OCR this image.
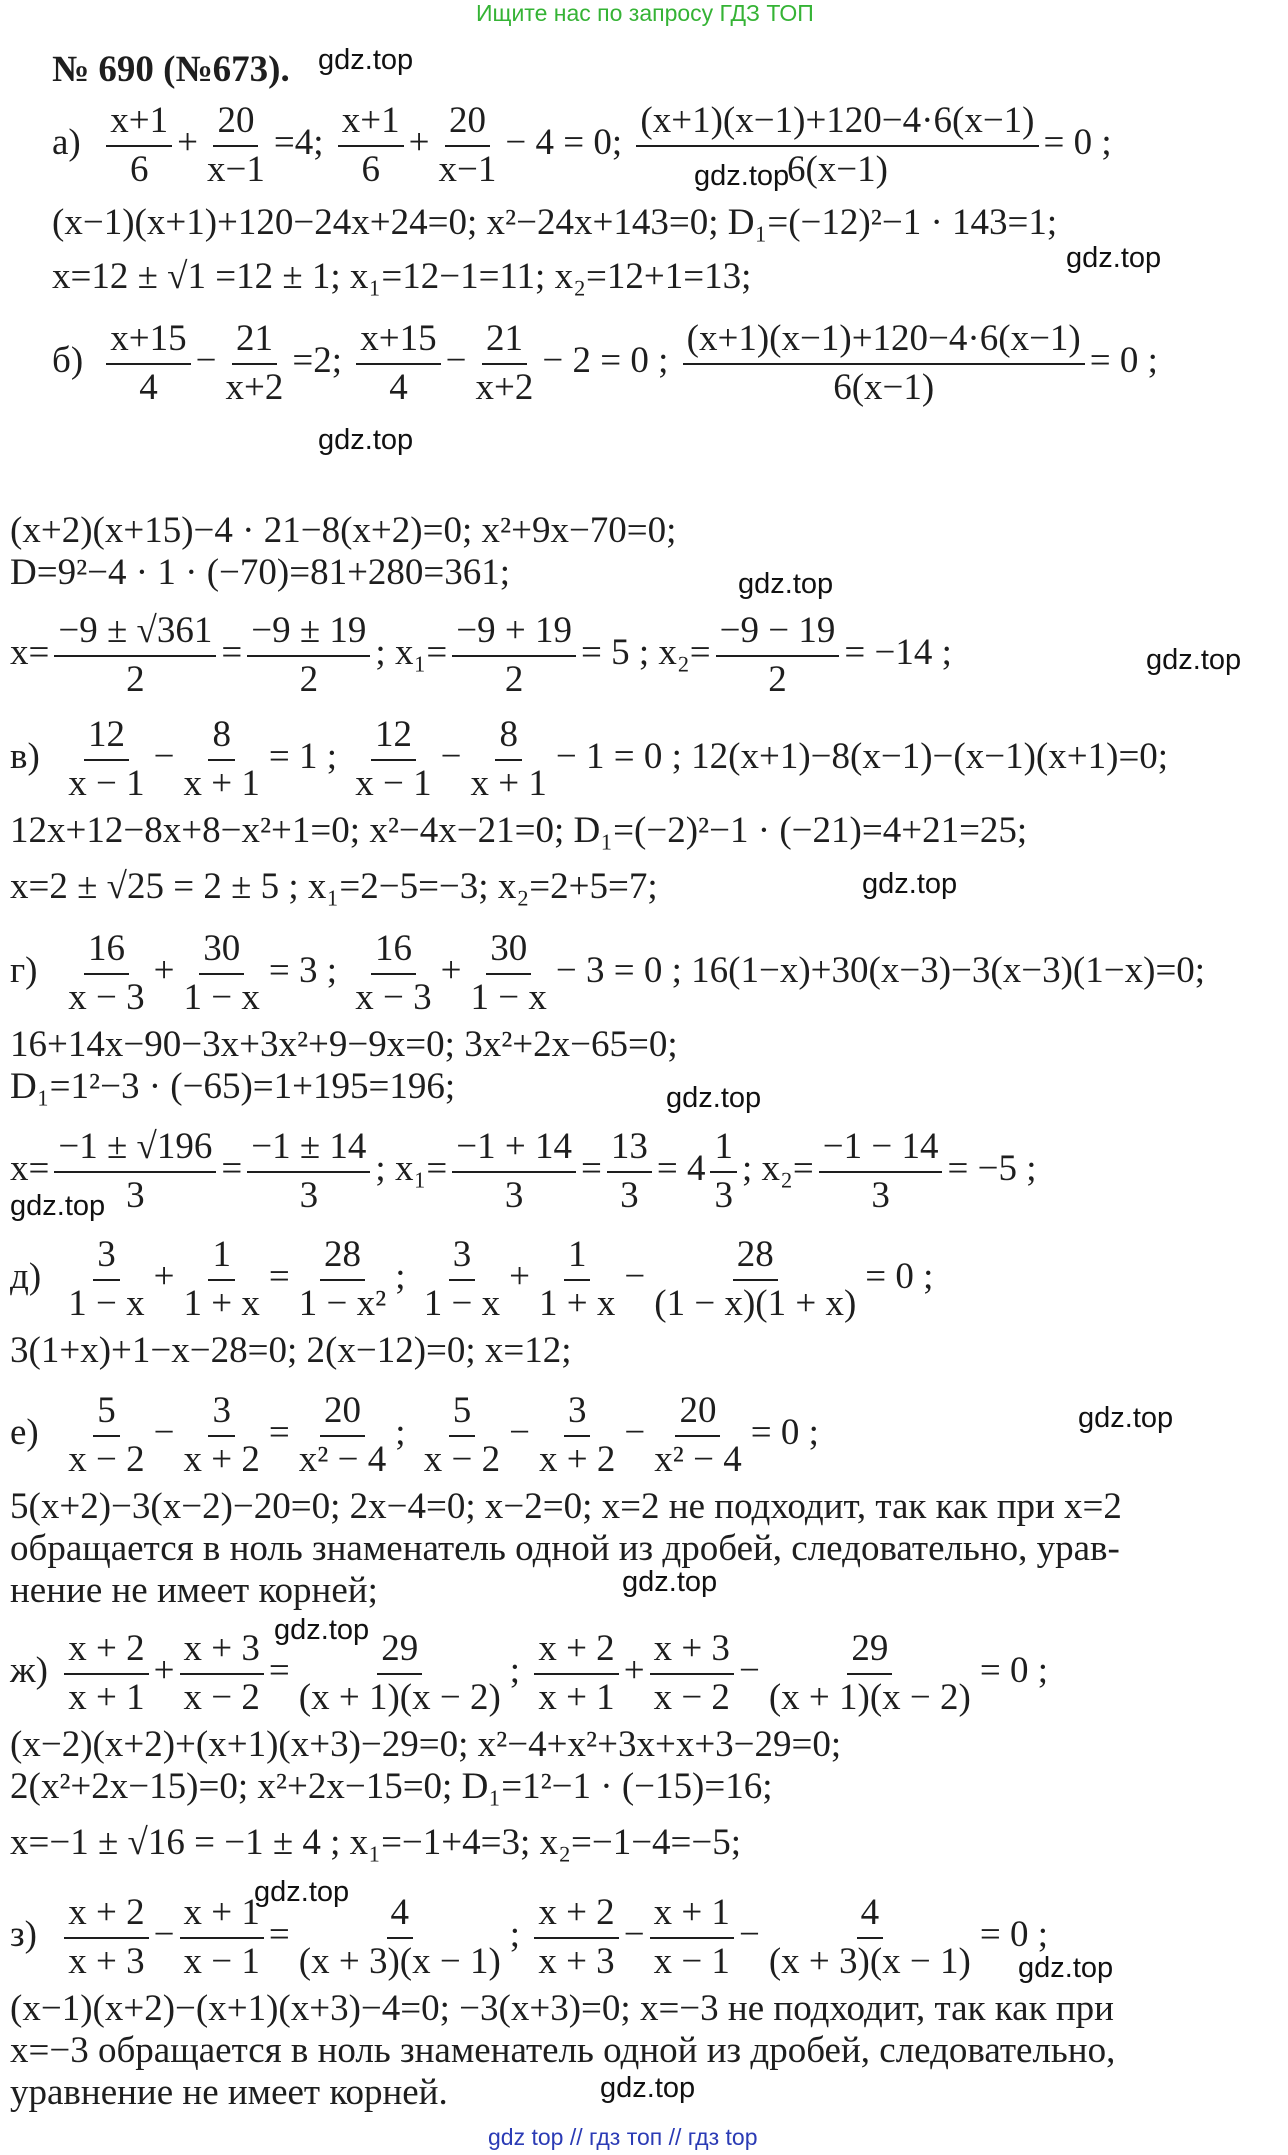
Ищите нас по запросу ГДЗ ТОП
№ 690 (№673).
$а) \frac{x+1}{6} + \frac{20}{x-1} =4$; $\frac{x+1}{6} + \frac{20}{x-1} - 4 = 0$; $\frac{(x+1)(x-1)+120-4\cdot 6(x-1)}{6(x-1)} = 0$ ;
(x−1)(x+1)+120−24x+24=0; x²−24x+143=0; D₁=(−12)²−1 · 143=1;
x=12 ± √1 =12 ± 1; x₁=12−1=11; x₂=12+1=13;
$б) \frac{x+15}{4} - \frac{21}{x+2} =2$; $\frac{x+15}{4} - \frac{21}{x+2} - 2 = 0$ ; $\frac{(x+1)(x-1)+120-4\cdot 6(x-1)}{6(x-1)} = 0$ ;
(x+2)(x+15)−4 · 21−8(x+2)=0; x²+9x−70=0;
D=9²−4 · 1 · (−70)=81+280=361;
$x= \frac{-9 \pm √361}{2} = \frac{-9 \pm 19}{2}$ ; $x_1= \frac{-9 + 19}{2} = 5$ ; $x_2= \frac{-9 - 19}{2} = -14$ ;
$в) \frac{12}{x - 1} - \frac{8}{x + 1} = 1$ ; $\frac{12}{x - 1} - \frac{8}{x + 1} - 1 = 0$ ; 12(x+1)−8(x−1)−(x−1)(x+1)=0;
12x+12−8x+8−x²+1=0; x²−4x−21=0; D₁=(−2)²−1 · (−21)=4+21=25;
x=2 ± √25 = 2 ± 5 ; x₁=2−5=−3; x₂=2+5=7;
$г) \frac{16}{x - 3} + \frac{30}{1 - x} = 3$ ; $\frac{16}{x - 3} + \frac{30}{1 - x} - 3 = 0$ ; 16(1−x)+30(x−3)−3(x−3)(1−x)=0;
16+14x−90−3x+3x²+9−9x=0; 3x²+2x−65=0;
D₁=1²−3 · (−65)=1+195=196;
$x= \frac{-1 \pm √196}{3} = \frac{-1 \pm 14}{3}$ ; $x_1= \frac{-1 + 14}{3} = \frac{13}{3} = 4 \frac{1}{3}$ ; $x_2= \frac{-1 - 14}{3} = -5$ ;
$д) \frac{3}{1 - x} + \frac{1}{1 + x} = \frac{28}{\text{1 − x²}}$ ; $\frac{3}{1 - x} + \frac{1}{1 + x} - \frac{28}{(1 - x)(1 + x)} = 0$ ;
3(1+x)+1−x−28=0; 2(x−12)=0; x=12;
$е) \frac{5}{x - 2} - \frac{3}{x + 2} = \frac{20}{\text{x² − 4}}$ ; $\frac{5}{x - 2} - \frac{3}{x + 2} - \frac{20}{\text{x² − 4}} = 0$ ;
5(x+2)−3(x−2)−20=0; 2x−4=0; x−2=0; x=2 не подходит, так как при x=2
обращается в ноль знаменатель одной из дробей, следовательно, урав-
нение не имеет корней;
$ж) \frac{x + 2}{x + 1} + \frac{x + 3}{x - 2} = \frac{29}{(x + 1)(x - 2)}$ ; $\frac{x + 2}{x + 1} + \frac{x + 3}{x - 2} - \frac{29}{(x + 1)(x - 2)} = 0$ ;
(x−2)(x+2)+(x+1)(x+3)−29=0; x²−4+x²+3x+x+3−29=0;
2(x²+2x−15)=0; x²+2x−15=0; D₁=1²−1 · (−15)=16;
x=−1 ± √16 = −1 ± 4 ; x₁=−1+4=3; x₂=−1−4=−5;
$з) \frac{x + 2}{x + 3} - \frac{x + 1}{x - 1} = \frac{4}{(x + 3)(x - 1)}$ ; $\frac{x + 2}{x + 3} - \frac{x + 1}{x - 1} - \frac{4}{(x + 3)(x - 1)} = 0$ ;
(x−1)(x+2)−(x+1)(x+3)−4=0; −3(x+3)=0; x=−3 не подходит, так как при
x=−3 обращается в ноль знаменатель одной из дробей, следовательно,
уравнение не имеет корней.
gdz.top
gdz.top
gdz.top
gdz.top
gdz.top
gdz.top
gdz.top
gdz.top
gdz.top
gdz.top
gdz.top
gdz.top
gdz.top
gdz.top
gdz.top
gdz top // гдз топ // гдз top
